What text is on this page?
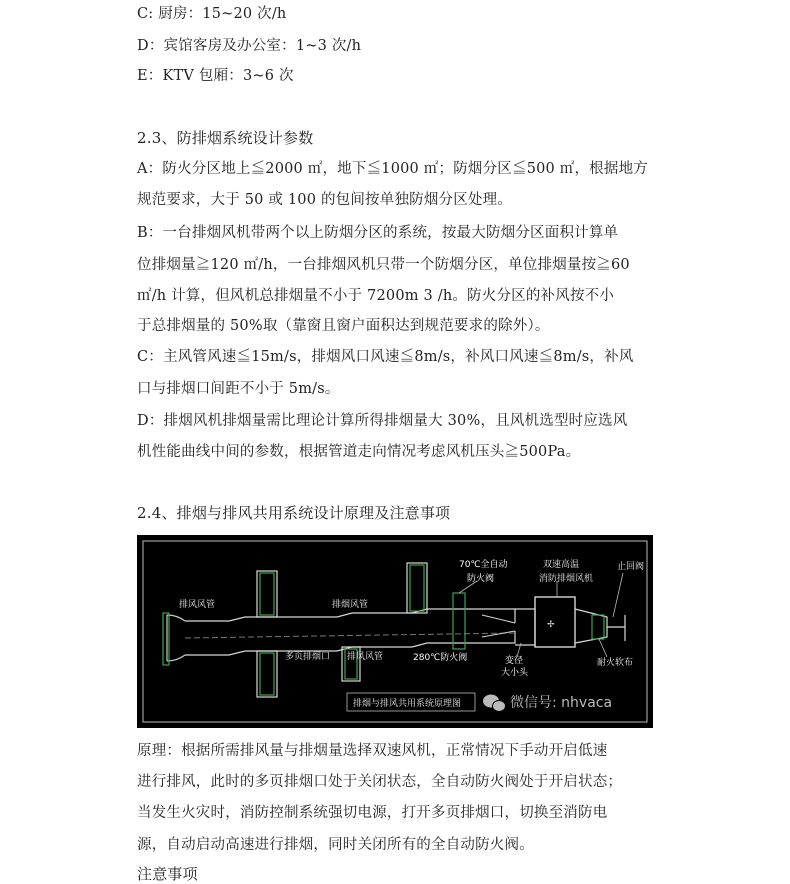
C: 厨房：15~20 次/h
D：宾馆客房及办公室：1~3 次/h
E：KTV 包厢：3~6 次
2.3、防排烟系统设计参数
A：防火分区地上≦2000 ㎡，地下≦1000 ㎡；防烟分区≦500 ㎡，根据地方
规范要求，大于 50 或 100 的包间按单独防烟分区处理。
B：一台排烟风机带两个以上防烟分区的系统，按最大防烟分区面积计算单
位排烟量≧120 ㎡/h，一台排烟风机只带一个防烟分区，单位排烟量按≧60
㎡/h 计算，但风机总排烟量不小于 7200m 3 /h。防火分区的补风按不小
于总排烟量的 50%取（靠窗且窗户面积达到规范要求的除外）。
C：主风管风速≦15m/s，排烟风口风速≦8m/s，补风口风速≦8m/s，补风
口与排烟口间距不小于 5m/s。
D：排烟风机排烟量需比理论计算所得排烟量大 30%，且风机选型时应选风
机性能曲线中间的参数，根据管道走向情况考虑风机压头≧500Pa。
2.4、排烟与排风共用系统设计原理及注意事项
✢
排风风管	排烟风管
多页排烟口 排风风管
70℃全自动
防火阀
280℃防火阀	变径
大小头
双速高温
消防排烟风机
止回阀
耐火软布
排烟与排风共用系统原理图	微信号: nhvaca
原理：根据所需排风量与排烟量选择双速风机，正常情况下手动开启低速
进行排风，此时的多页排烟口处于关闭状态，全自动防火阀处于开启状态；
当发生火灾时，消防控制系统强切电源，打开多页排烟口，切换至消防电
源，自动启动高速进行排烟，同时关闭所有的全自动防火阀。
注意事项
